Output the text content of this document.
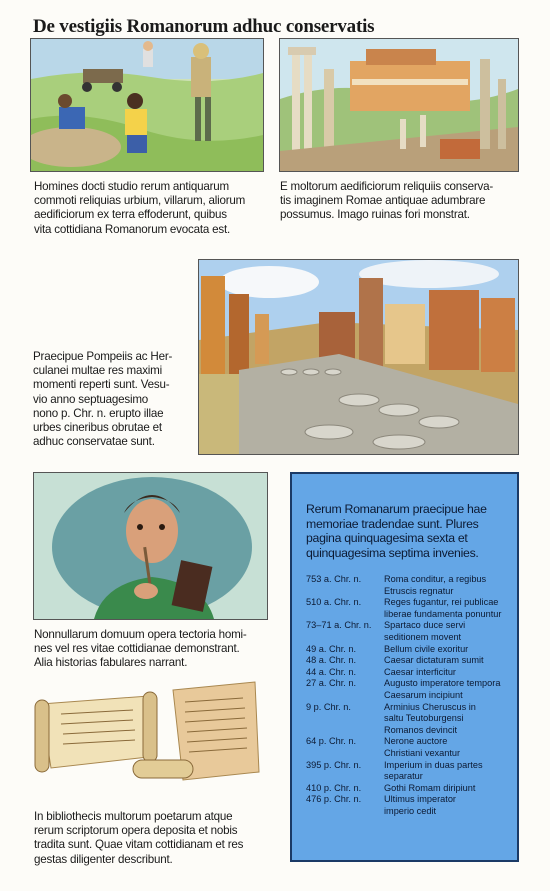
De vestigiis Romanorum adhuc conservatis
Homines docti studio rerum antiquarum
commoti reliquias urbium, villarum, aliorum
aedificiorum ex terra effoderunt, quibus
vita cottidiana Romanorum evocata est.
E moltorum aedificiorum reliquiis conserva-
tis imaginem Romae antiquae adumbrare
possumus. Imago ruinas fori monstrat.
Praecipue Pompeiis ac Her-
culanei multae res maximi
momenti reperti sunt. Vesu-
vio anno septuagesimo
nono p. Chr. n. erupto illae
urbes cineribus obrutae et
adhuc conservatae sunt.
Nonnullarum domuum opera tectoria homi-
nes vel res vitae cottidianae demonstrant.
Alia historias fabulares narrant.
In bibliothecis multorum poetarum atque
rerum scriptorum opera deposita et nobis
tradita sunt. Quae vitam cottidianam et res
gestas diligenter describunt.
Rerum Romanarum praecipue hae
memoriae tradendae sunt. Plures
pagina quinquagesima sexta et
quinquagesima septima invenies.
753 a. Chr. n.	Roma conditur, a regibus
Etruscis regnatur
510 a. Chr. n.	Reges fugantur, rei publicae
liberae fundamenta ponuntur
73–71 a. Chr. n.	Spartaco duce servi
seditionem movent
49 a. Chr. n.	Bellum civile exoritur
48 a. Chr. n.	Caesar dictaturam sumit
44 a. Chr. n.	Caesar interficitur
27 a. Chr. n.	Augusto imperatore tempora
Caesarum incipiunt
9 p. Chr. n.	Arminius Cheruscus in
saltu Teutoburgensi
Romanos devincit
64 p. Chr. n.	Nerone auctore
Christiani vexantur
395 p. Chr. n.	Imperium in duas partes
separatur
410 p. Chr. n.	Gothi Romam diripiunt
476 p. Chr. n.	Ultimus imperator
imperio cedit
